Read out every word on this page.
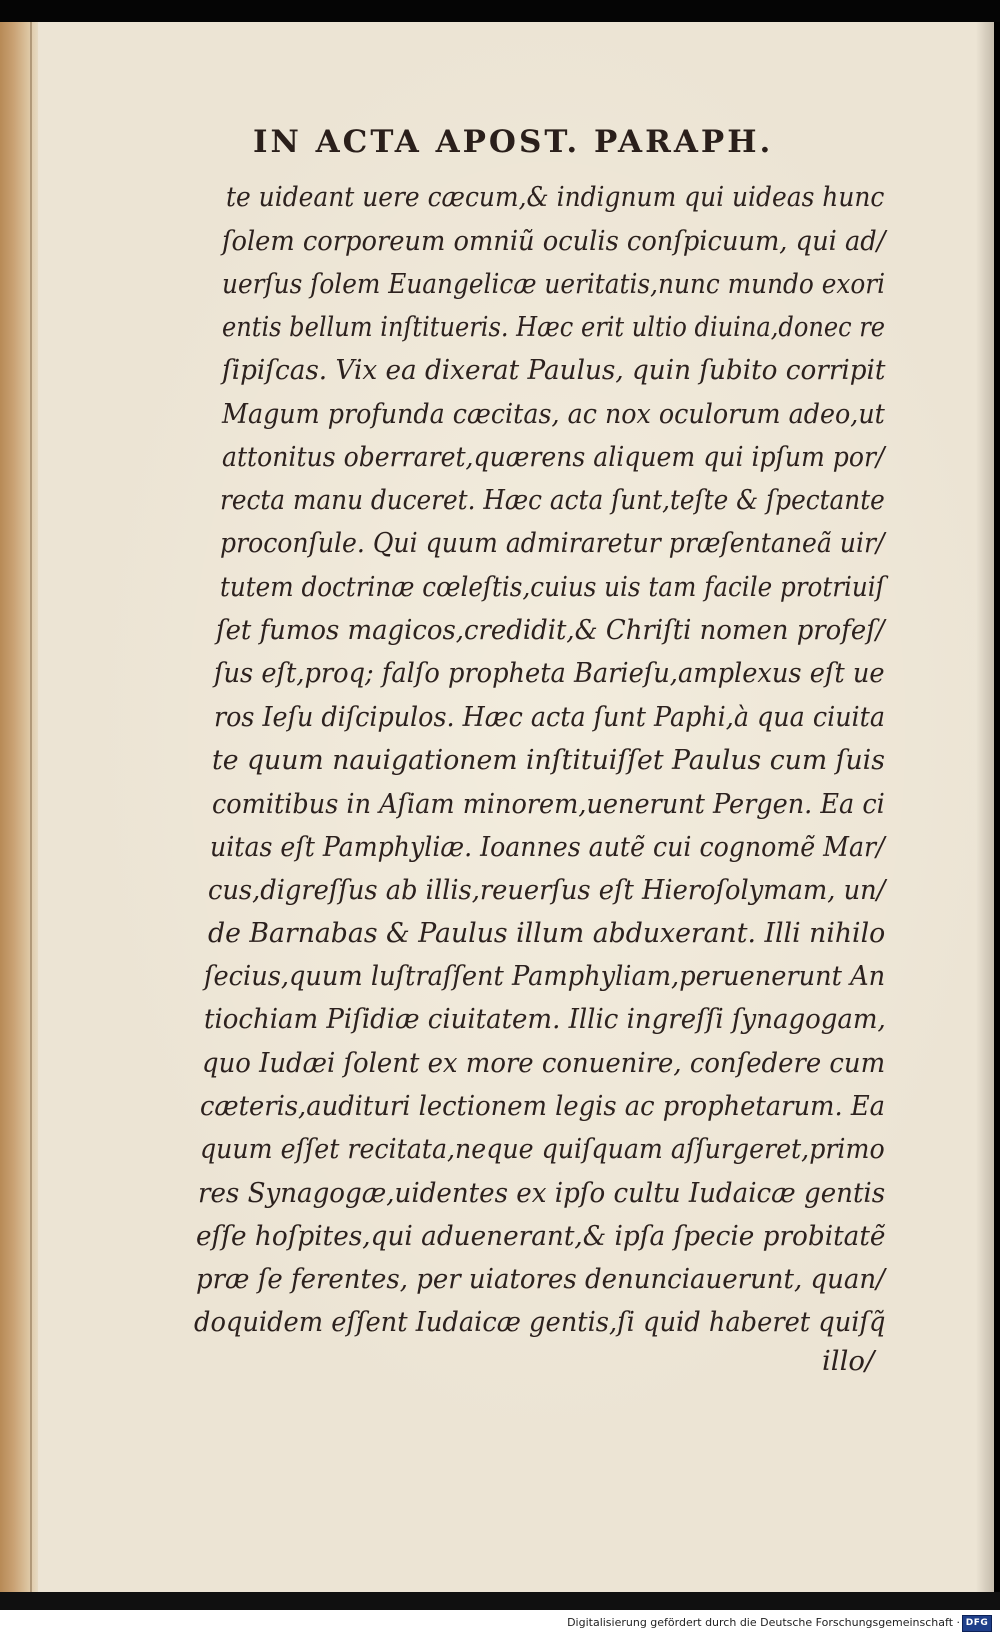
IN ACTA APOST. PARAPH.
te uideant uere cæcum,& indignum qui uideas hunc
ſolem corporeum omniũ oculis conſpicuum, qui ad/
uerſus ſolem Euangelicæ ueritatis,nunc mundo exori
entis bellum inſtitueris. Hæc erit ultio diuina,donec re
ſipiſcas. Vix ea dixerat Paulus, quin ſubito corripit
Magum profunda cæcitas, ac nox oculorum adeo,ut
attonitus oberraret,quærens aliquem qui ipſum por/
recta manu duceret. Hæc acta ſunt,teſte & ſpectante
proconſule. Qui quum admiraretur præſentaneã uir/
tutem doctrinæ cœleſtis,cuius uis tam facile protriuiſ
ſet fumos magicos,credidit,& Chriſti nomen profeſ/
ſus eſt,proq; falſo propheta Barieſu,amplexus eſt ue
ros Ieſu diſcipulos. Hæc acta ſunt Paphi,à qua ciuita
te quum nauigationem inſtituiſſet Paulus cum ſuis
comitibus in Aſiam minorem,uenerunt Pergen. Ea ci
uitas eſt Pamphyliæ. Ioannes autẽ cui cognomẽ Mar/
cus,digreſſus ab illis,reuerſus eſt Hieroſolymam, un/
de Barnabas & Paulus illum abduxerant. Illi nihilo
ſecius,quum luſtraſſent Pamphyliam,peruenerunt An
tiochiam Piſidiæ ciuitatem. Illic ingreſſi ſynagogam,
quo Iudæi ſolent ex more conuenire, conſedere cum
cæteris,audituri lectionem legis ac prophetarum. Ea
quum eſſet recitata,neque quiſquam aſſurgeret,primo
res Synagogæ,uidentes ex ipſo cultu Iudaicæ gentis
eſſe hoſpites,qui aduenerant,& ipſa ſpecie probitatẽ
præ ſe ferentes, per uiatores denunciauerunt, quan/
doquidem eſſent Iudaicæ gentis,ſi quid haberet quiſq̃
illo/
Digitalisierung gefördert durch die Deutsche Forschungsgemeinschaft · DFG
